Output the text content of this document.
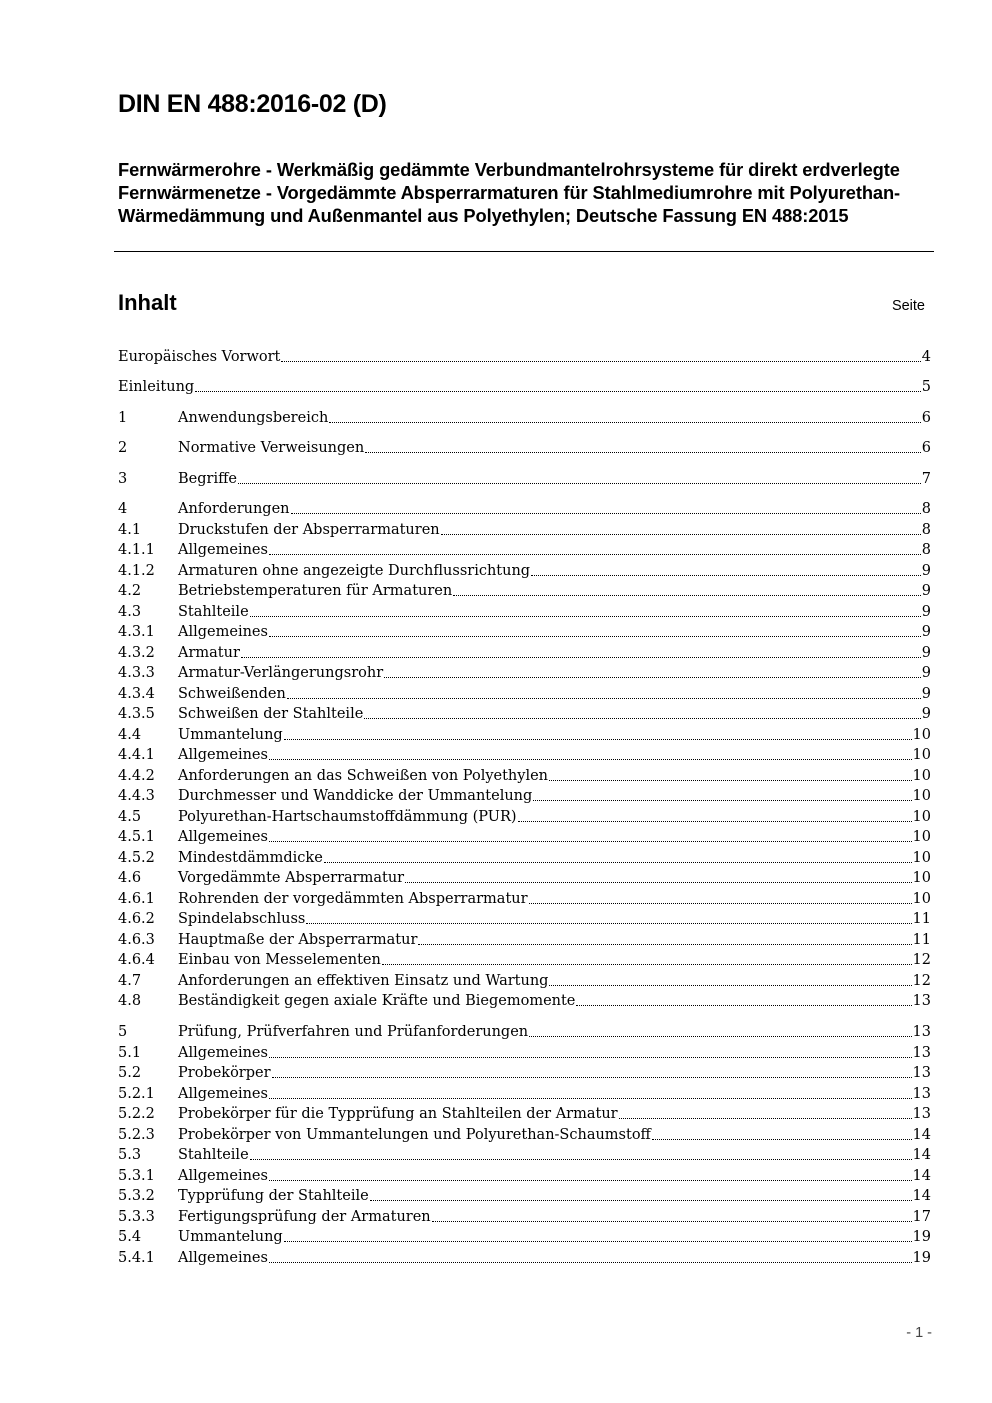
DIN EN 488:2016-02 (D)
Fernwärmerohre - Werkmäßig gedämmte Verbundmantelrohrsysteme für direkt erdverlegte Fernwärmenetze - Vorgedämmte Absperrarmaturen für Stahlmediumrohre mit Polyurethan-Wärmedämmung und Außenmantel aus Polyethylen; Deutsche Fassung EN 488:2015
Inhalt	Seite
Europäisches Vorwort	4
Einleitung	5
1	Anwendungsbereich	6
2	Normative Verweisungen	6
3	Begriffe	7
4	Anforderungen	8
4.1	Druckstufen der Absperrarmaturen	8
4.1.1	Allgemeines	8
4.1.2	Armaturen ohne angezeigte Durchflussrichtung	9
4.2	Betriebstemperaturen für Armaturen	9
4.3	Stahlteile	9
4.3.1	Allgemeines	9
4.3.2	Armatur	9
4.3.3	Armatur-Verlängerungsrohr	9
4.3.4	Schweißenden	9
4.3.5	Schweißen der Stahlteile	9
4.4	Ummantelung	10
4.4.1	Allgemeines	10
4.4.2	Anforderungen an das Schweißen von Polyethylen	10
4.4.3	Durchmesser und Wanddicke der Ummantelung	10
4.5	Polyurethan-Hartschaumstoffdämmung (PUR)	10
4.5.1	Allgemeines	10
4.5.2	Mindestdämmdicke	10
4.6	Vorgedämmte Absperrarmatur	10
4.6.1	Rohrenden der vorgedämmten Absperrarmatur	10
4.6.2	Spindelabschluss	11
4.6.3	Hauptmaße der Absperrarmatur	11
4.6.4	Einbau von Messelementen	12
4.7	Anforderungen an effektiven Einsatz und Wartung	12
4.8	Beständigkeit gegen axiale Kräfte und Biegemomente	13
5	Prüfung, Prüfverfahren und Prüfanforderungen	13
5.1	Allgemeines	13
5.2	Probekörper	13
5.2.1	Allgemeines	13
5.2.2	Probekörper für die Typprüfung an Stahlteilen der Armatur	13
5.2.3	Probekörper von Ummantelungen und Polyurethan-Schaumstoff	14
5.3	Stahlteile	14
5.3.1	Allgemeines	14
5.3.2	Typprüfung der Stahlteile	14
5.3.3	Fertigungsprüfung der Armaturen	17
5.4	Ummantelung	19
5.4.1	Allgemeines	19
- 1 -
